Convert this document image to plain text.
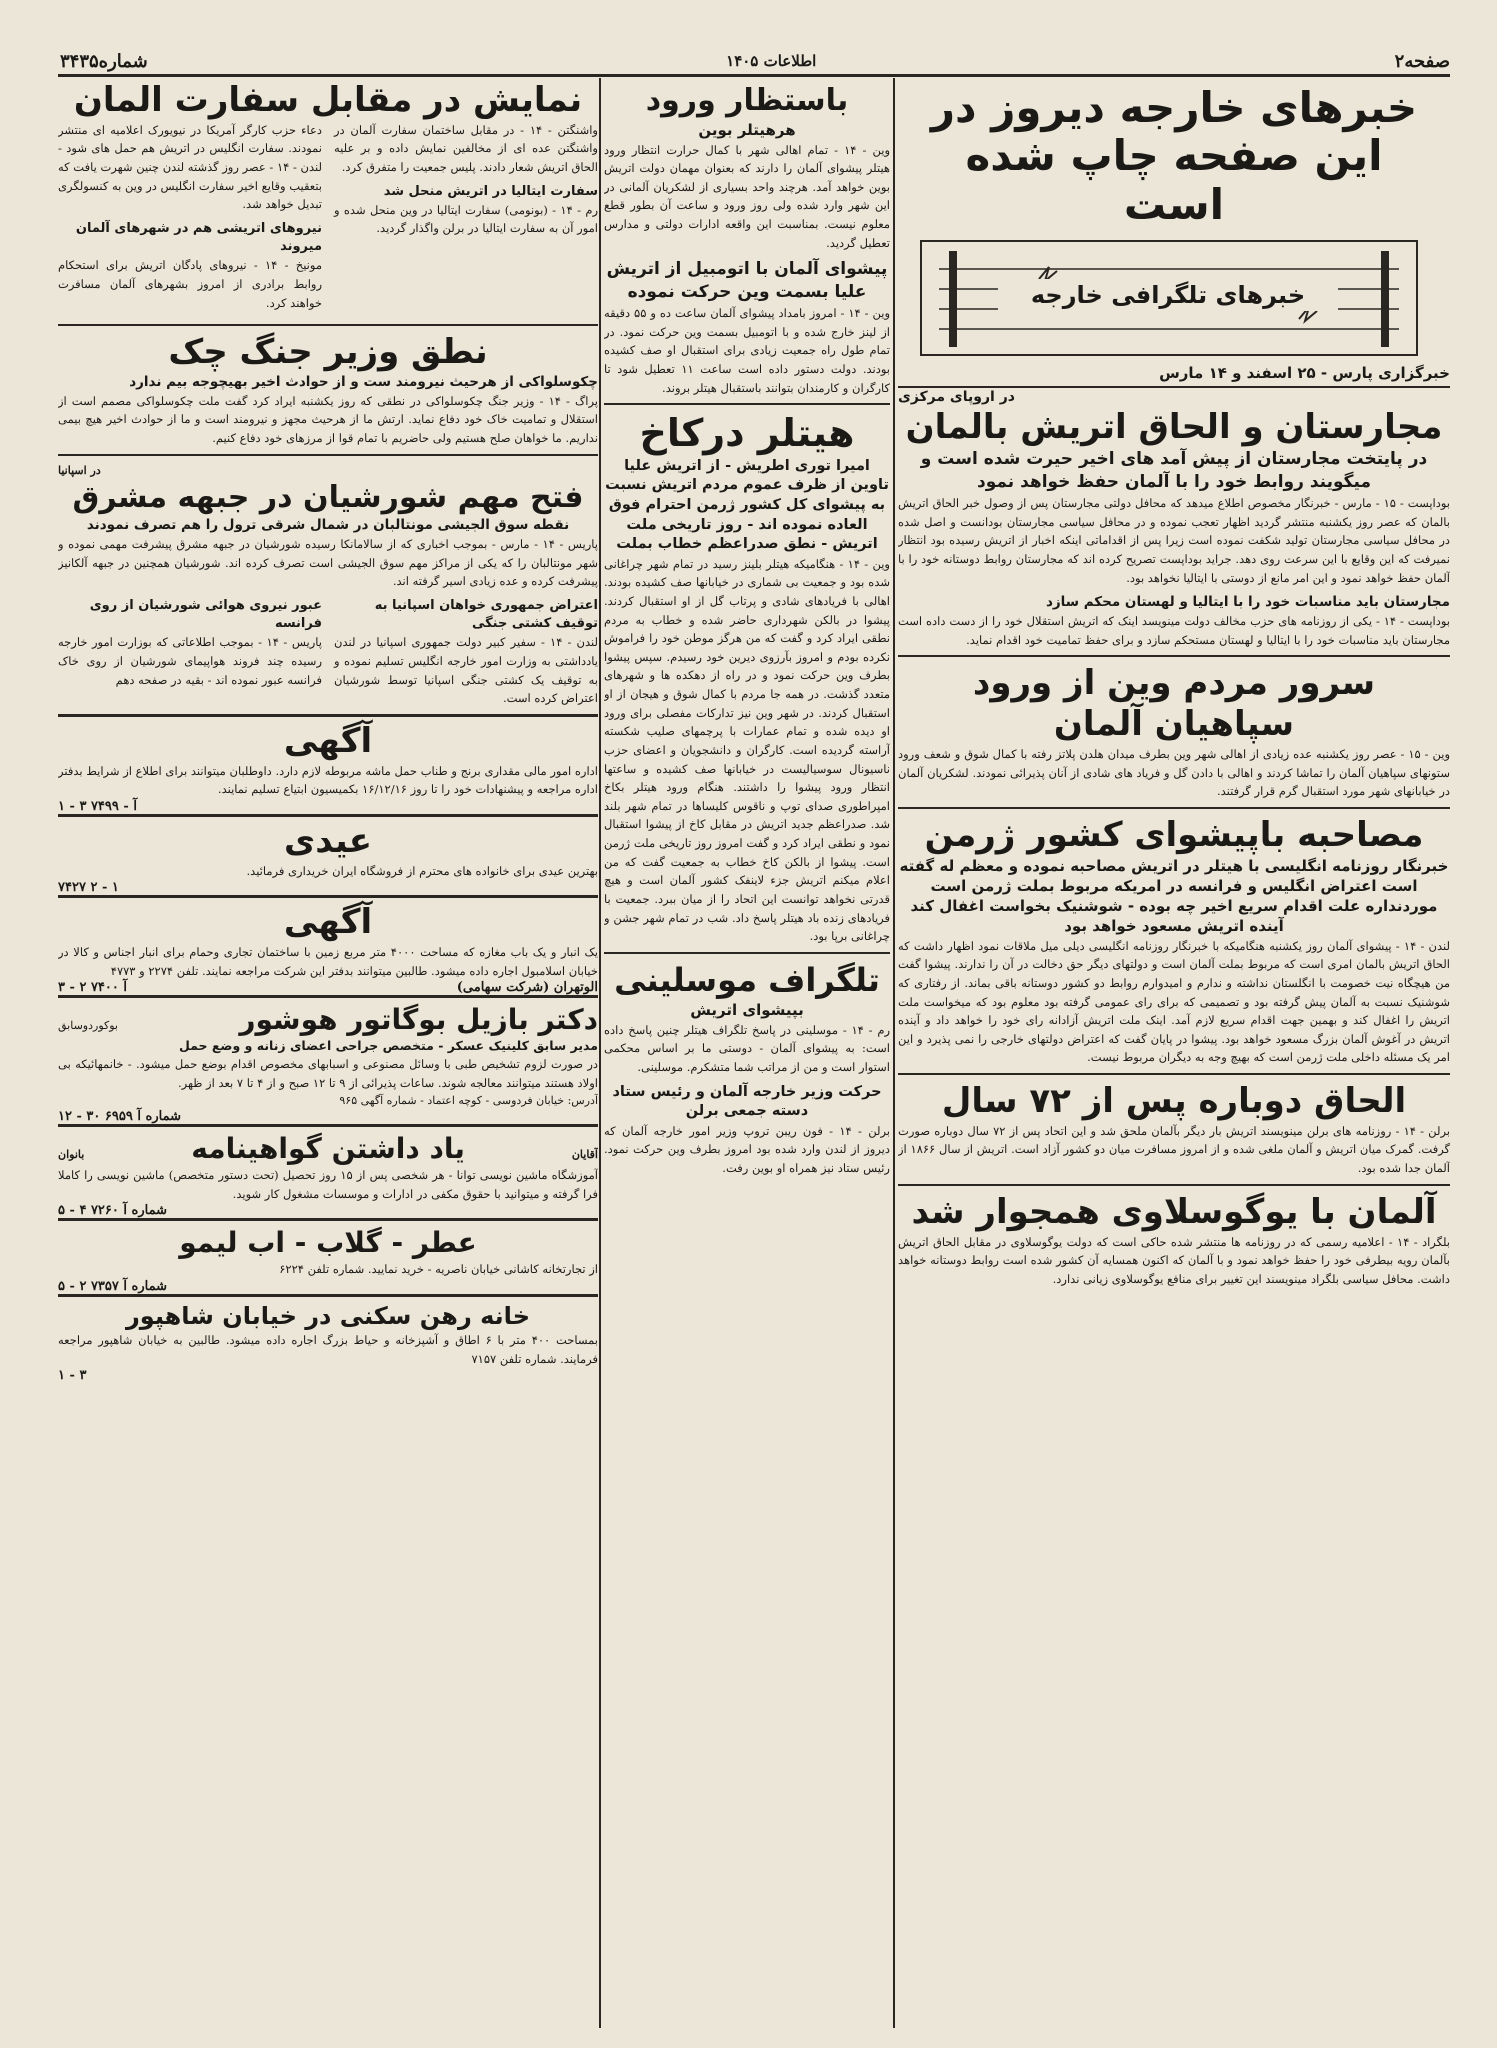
صفحه۲
اطلاعات ۱۴۰۵
شماره۳۴۳۵
خبرهای خارجه دیروز در این صفحه چاپ شده است
خبرهای تلگرافی خارجه
خبرگزاری پارس - ۲۵ اسفند و ۱۴ مارس
در اروپای مرکزی
مجارستان و الحاق اتریش بالمان
در پایتخت مجارستان از پیش آمد های اخیر حیرت شده است و میگویند روابط خود را با آلمان حفظ خواهد نمود
بوداپست - ۱۵ - مارس - خبرنگار مخصوص اطلاع میدهد که محافل دولتی مجارستان پس از وصول خبر الحاق اتریش بالمان که عصر روز یکشنبه منتشر گردید اظهار تعجب نموده و در محافل سیاسی مجارستان بودانست و اصل شده در محافل سیاسی مجارستان تولید شکفت نموده است زیرا پس از اقداماتی اینکه اخبار از اتریش رسیده بود انتظار نمیرفت که این وقایع با این سرعت روی دهد. جراید بوداپست تصریح کرده اند که مجارستان روابط دوستانه خود را با آلمان حفظ خواهد نمود و این امر مانع از دوستی با ایتالیا نخواهد بود.
مجارستان باید مناسبات خود را با ایتالیا و لهستان محکم سازد
بوداپست - ۱۴ - یکی از روزنامه های حزب مخالف دولت مینویسد اینک که اتریش استقلال خود را از دست داده است مجارستان باید مناسبات خود را با ایتالیا و لهستان مستحکم سازد و برای حفظ تمامیت خود اقدام نماید.
سرور مردم وین از ورود سپاهیان آلمان
وین - ۱۵ - عصر روز یکشنبه عده زیادی از اهالی شهر وین بطرف میدان هلدن پلاتز رفته با کمال شوق و شعف ورود ستونهای سپاهیان آلمان را تماشا کردند و اهالی با دادن گل و فریاد های شادی از آنان پذیرائی نمودند. لشکریان آلمان در خیابانهای شهر مورد استقبال گرم قرار گرفتند.
مصاحبه باپیشوای کشور ژرمن
خبرنگار روزنامه انگلیسی با هیتلر در اتریش مصاحبه نموده و معظم له گفته است اعتراض انگلیس و فرانسه در امریکه مربوط بملت ژرمن است موردنداره علت اقدام سریع اخیر چه بوده - شوشنیک بخواست اغفال کند آینده اتریش مسعود خواهد بود
لندن - ۱۴ - پیشوای آلمان روز یکشنبه هنگامیکه با خبرنگار روزنامه انگلیسی دیلی میل ملاقات نمود اظهار داشت که الحاق اتریش بالمان امری است که مربوط بملت آلمان است و دولتهای دیگر حق دخالت در آن را ندارند. پیشوا گفت من هیچگاه نیت خصومت با انگلستان نداشته و ندارم و امیدوارم روابط دو کشور دوستانه باقی بماند. از رفتاری که شوشنیک نسبت به آلمان پیش گرفته بود و تصمیمی که برای رای عمومی گرفته بود معلوم بود که میخواست ملت اتریش را اغفال کند و بهمین جهت اقدام سریع لازم آمد. اینک ملت اتریش آزادانه رای خود را خواهد داد و آینده اتریش در آغوش آلمان بزرگ مسعود خواهد بود. پیشوا در پایان گفت که اعتراض دولتهای خارجی را نمی پذیرد و این امر یک مسئله داخلی ملت ژرمن است که بهیچ وجه به دیگران مربوط نیست.
الحاق دوباره پس از ۷۲ سال
برلن - ۱۴ - روزنامه های برلن مینویسند اتریش بار دیگر بآلمان ملحق شد و این اتحاد پس از ۷۲ سال دوباره صورت گرفت. گمرک میان اتریش و آلمان ملغی شده و از امروز مسافرت میان دو کشور آزاد است. اتریش از سال ۱۸۶۶ از آلمان جدا شده بود.
آلمان با یوگوسلاوی همجوار شد
بلگراد - ۱۴ - اعلامیه رسمی که در روزنامه ها منتشر شده حاکی است که دولت یوگوسلاوی در مقابل الحاق اتریش بآلمان رویه بیطرفی خود را حفظ خواهد نمود و با آلمان که اکنون همسایه آن کشور شده است روابط دوستانه خواهد داشت. محافل سیاسی بلگراد مینویسند این تغییر برای منافع یوگوسلاوی زیانی ندارد.
باستظار ورود
هرهیتلر بوین
وین - ۱۴ - تمام اهالی شهر با کمال حرارت انتظار ورود هیتلر پیشوای آلمان را دارند که بعنوان مهمان دولت اتریش بوین خواهد آمد. هرچند واحد بسیاری از لشکریان آلمانی در این شهر وارد شده ولی روز ورود و ساعت آن بطور قطع معلوم نیست. بمناسبت این واقعه ادارات دولتی و مدارس تعطیل گردید.
پیشوای آلمان با اتومبیل از اتریش علیا بسمت وین حرکت نموده
وین - ۱۴ - امروز بامداد پیشوای آلمان ساعت ده و ۵۵ دقیقه از لینز خارج شده و با اتومبیل بسمت وین حرکت نمود. در تمام طول راه جمعیت زیادی برای استقبال او صف کشیده بودند. دولت دستور داده است ساعت ۱۱ تعطیل شود تا کارگران و کارمندان بتوانند باستقبال هیتلر بروند.
هیتلر درکاخ
امیرا توری اطریش - از اتریش علیا تاوین از ظرف عموم مردم اتریش نسبت به پیشوای کل کشور ژرمن احترام فوق العاده نموده اند - روز تاریخی ملت اتریش - نطق صدراعظم خطاب بملت
وین - ۱۴ - هنگامیکه هیتلر بلینز رسید در تمام شهر چراغانی شده بود و جمعیت بی شماری در خیابانها صف کشیده بودند. اهالی با فریادهای شادی و پرتاب گل از او استقبال کردند. پیشوا در بالکن شهرداری حاضر شده و خطاب به مردم نطقی ایراد کرد و گفت که من هرگز موطن خود را فراموش نکرده بودم و امروز بآرزوی دیرین خود رسیدم. سپس پیشوا بطرف وین حرکت نمود و در راه از دهکده ها و شهرهای متعدد گذشت. در همه جا مردم با کمال شوق و هیجان از او استقبال کردند. در شهر وین نیز تدارکات مفصلی برای ورود او دیده شده و تمام عمارات با پرچمهای صلیب شکسته آراسته گردیده است. کارگران و دانشجویان و اعضای حزب ناسیونال سوسیالیست در خیابانها صف کشیده و ساعتها انتظار ورود پیشوا را داشتند. هنگام ورود هیتلر بکاخ امپراطوری صدای توپ و ناقوس کلیساها در تمام شهر بلند شد. صدراعظم جدید اتریش در مقابل کاخ از پیشوا استقبال نمود و نطقی ایراد کرد و گفت امروز روز تاریخی ملت ژرمن است. پیشوا از بالکن کاخ خطاب به جمعیت گفت که من اعلام میکنم اتریش جزء لاینفک کشور آلمان است و هیچ قدرتی نخواهد توانست این اتحاد را از میان ببرد. جمعیت با فریادهای زنده باد هیتلر پاسخ داد. شب در تمام شهر جشن و چراغانی برپا بود.
تلگراف موسلینی
بپیشوای اتریش
رم - ۱۴ - موسلینی در پاسخ تلگراف هیتلر چنین پاسخ داده است: به پیشوای آلمان - دوستی ما بر اساس محکمی استوار است و من از مراتب شما متشکرم. موسلینی.
حرکت وزیر خارجه آلمان و رئیس ستاد دسته جمعی برلن
برلن - ۱۴ - فون ریبن تروپ وزیر امور خارجه آلمان که دیروز از لندن وارد شده بود امروز بطرف وین حرکت نمود. رئیس ستاد نیز همراه او بوین رفت.
نمایش در مقابل سفارت المان
واشنگتن - ۱۴ - در مقابل ساختمان سفارت آلمان در واشنگتن عده ای از مخالفین نمایش داده و بر علیه الحاق اتریش شعار دادند. پلیس جمعیت را متفرق کرد.
سفارت ایتالیا در اتریش منحل شد
رم - ۱۴ - (بونومی) سفارت ایتالیا در وین منحل شده و امور آن به سفارت ایتالیا در برلن واگذار گردید.
دعاء حزب کارگر آمریکا در نیویورک اعلامیه ای منتشر نمودند. سفارت انگلیس در اتریش هم حمل های شود - لندن - ۱۴ - عصر روز گذشته لندن چنین شهرت یافت که بتعقیب وقایع اخیر سفارت انگلیس در وین به کنسولگری تبدیل خواهد شد.
نیروهای اتریشی هم در شهرهای آلمان میروند
مونیخ - ۱۴ - نیروهای پادگان اتریش برای استحکام روابط برادری از امروز بشهرهای آلمان مسافرت خواهند کرد.
نطق وزیر جنگ چک
چکوسلواکی از هرحیث نیرومند ست و از حوادث اخیر بهیچوجه بیم ندارد
پراگ - ۱۴ - وزیر جنگ چکوسلواکی در نطقی که روز یکشنبه ایراد کرد گفت ملت چکوسلواکی مصمم است از استقلال و تمامیت خاک خود دفاع نماید. ارتش ما از هرحیث مجهز و نیرومند است و ما از حوادث اخیر هیچ بیمی نداریم. ما خواهان صلح هستیم ولی حاضریم با تمام قوا از مرزهای خود دفاع کنیم.
در اسپانیا
فتح مهم شورشیان در جبهه مشرق
نقطه سوق الجیشی مونتالبان در شمال شرقی ترول را هم تصرف نمودند
پاریس - ۱۴ - مارس - بموجب اخباری که از سالامانکا رسیده شورشیان در جبهه مشرق پیشرفت مهمی نموده و شهر مونتالبان را که یکی از مراکز مهم سوق الجیشی است تصرف کرده اند. شورشیان همچنین در جبهه آلکانیز پیشرفت کرده و عده زیادی اسیر گرفته اند.
اعتراض جمهوری خواهان اسپانیا به توقیف کشتی جنگی
لندن - ۱۴ - سفیر کبیر دولت جمهوری اسپانیا در لندن یادداشتی به وزارت امور خارجه انگلیس تسلیم نموده و به توقیف یک کشتی جنگی اسپانیا توسط شورشیان اعتراض کرده است.
عبور نیروی هوائی شورشیان از روی فرانسه
پاریس - ۱۴ - بموجب اطلاعاتی که بوزارت امور خارجه رسیده چند فروند هواپیمای شورشیان از روی خاک فرانسه عبور نموده اند - بقیه در صفحه دهم
آگهی
اداره امور مالی مقداری برنج و طناب حمل ماشه مربوطه لازم دارد. داوطلبان میتوانند برای اطلاع از شرایط بدفتر اداره مراجعه و پیشنهادات خود را تا روز ۱۶/۱۲/۱۶ بکمیسیون ابتیاع تسلیم نمایند.
آ - ۷۴۹۹ ۳ - ۱
عیدی
بهترین عیدی برای خانواده های محترم از فروشگاه ایران خریداری فرمائید.
۱ - ۲ ۷۴۲۷
آگهی
یک انبار و یک باب مغازه که مساحت ۴۰۰۰ متر مربع زمین با ساختمان تجاری وحمام برای انبار اجناس و کالا در خیابان اسلامبول اجاره داده میشود. طالبین میتوانند بدفتر این شرکت مراجعه نمایند. تلفن ۲۲۷۴ و ۴۷۷۳
الوتهران (شرکت سهامی)
آ ۷۴۰۰ ۲ - ۳
دکتر بازیل بوگاتور هوشور
بوکوردوسابق
مدیر سابق کلینیک عسکر - متخصص جراحی اعضای زنانه و وضع حمل
در صورت لزوم تشخیص طبی با وسائل مصنوعی و اسبابهای مخصوص اقدام بوضع حمل میشود. - خانمهائیکه بی اولاد هستند میتوانند معالجه شوند. ساعات پذیرائی از ۹ تا ۱۲ صبح و از ۴ تا ۷ بعد از ظهر.
آدرس: خیابان فردوسی - کوچه اعتماد - شماره آگهی ۹۶۵
شماره آ ۶۹۵۹ ۳۰ - ۱۲
آقایان
یاد داشتن گواهینامه
بانوان
آموزشگاه ماشین نویسی توانا - هر شخصی پس از ۱۵ روز تحصیل (تحت دستور متخصص) ماشین نویسی را کاملا فرا گرفته و میتوانید با حقوق مکفی در ادارات و موسسات مشغول کار شوید.
شماره آ ۷۲۶۰ ۴ - ۵
عطر - گلاب - اب لیمو
از تجارتخانه کاشانی خیابان ناصریه - خرید نمایید. شماره تلفن ۶۲۲۴
شماره آ ۷۳۵۷ ۲ - ۵
خانه رهن سکنی در خیابان شاهپور
بمساحت ۴۰۰ متر با ۶ اطاق و آشپزخانه و حیاط بزرگ اجاره داده میشود. طالبین به خیابان شاهپور مراجعه فرمایند. شماره تلفن ۷۱۵۷
۳ - ۱
